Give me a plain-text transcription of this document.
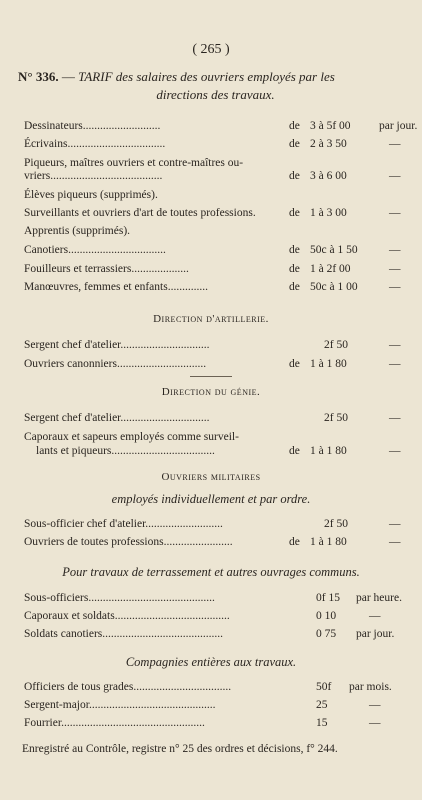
( 265 )
N° 336. — TARIF des salaires des ouvriers employés par les
directions des travaux.
Dessinateurs...........................	de 3 à 5f 00 par jour.
Écrivains..................................	de 2 à 3 50	—
Piqueurs, maîtres ouvriers et contre-maîtres ou-
vriers.......................................	de 3 à 6 00	—
Élèves piqueurs (supprimés).
Surveillants et ouvriers d'art de toutes professions.	de 1 à 3 00	—
Apprentis (supprimés).
Canotiers..................................	de 50c à 1 50	—
Fouilleurs et terrassiers....................	de 1 à 2f 00	—
Manœuvres, femmes et enfants..............	de 50c à 1 00	—
Direction d'artillerie.
Sergent chef d'atelier...............................	2f 50	—
Ouvriers canonniers...............................	de 1 à 1 80	—
Direction du génie.
Sergent chef d'atelier...............................	2f 50	—
Caporaux et sapeurs employés comme surveil-
lants et piqueurs....................................	de 1 à 1 80	—
Ouvriers militaires
employés individuellement et par ordre.
Sous-officier chef d'atelier...........................	2f 50	—
Ouvriers de toutes professions........................	de 1 à 1 80	—
Pour travaux de terrassement et autres ouvrages communs.
Sous-officiers............................................	0f 15 par heure.
Caporaux et soldats........................................	0 10	—
Soldats canotiers..........................................	0 75 par jour.
Compagnies entières aux travaux.
Officiers de tous grades..................................	50f par mois.
Sergent-major............................................	25	—
Fourrier..................................................	15	—
Enregistré au Contrôle, registre n° 25 des ordres et décisions, f° 244.
